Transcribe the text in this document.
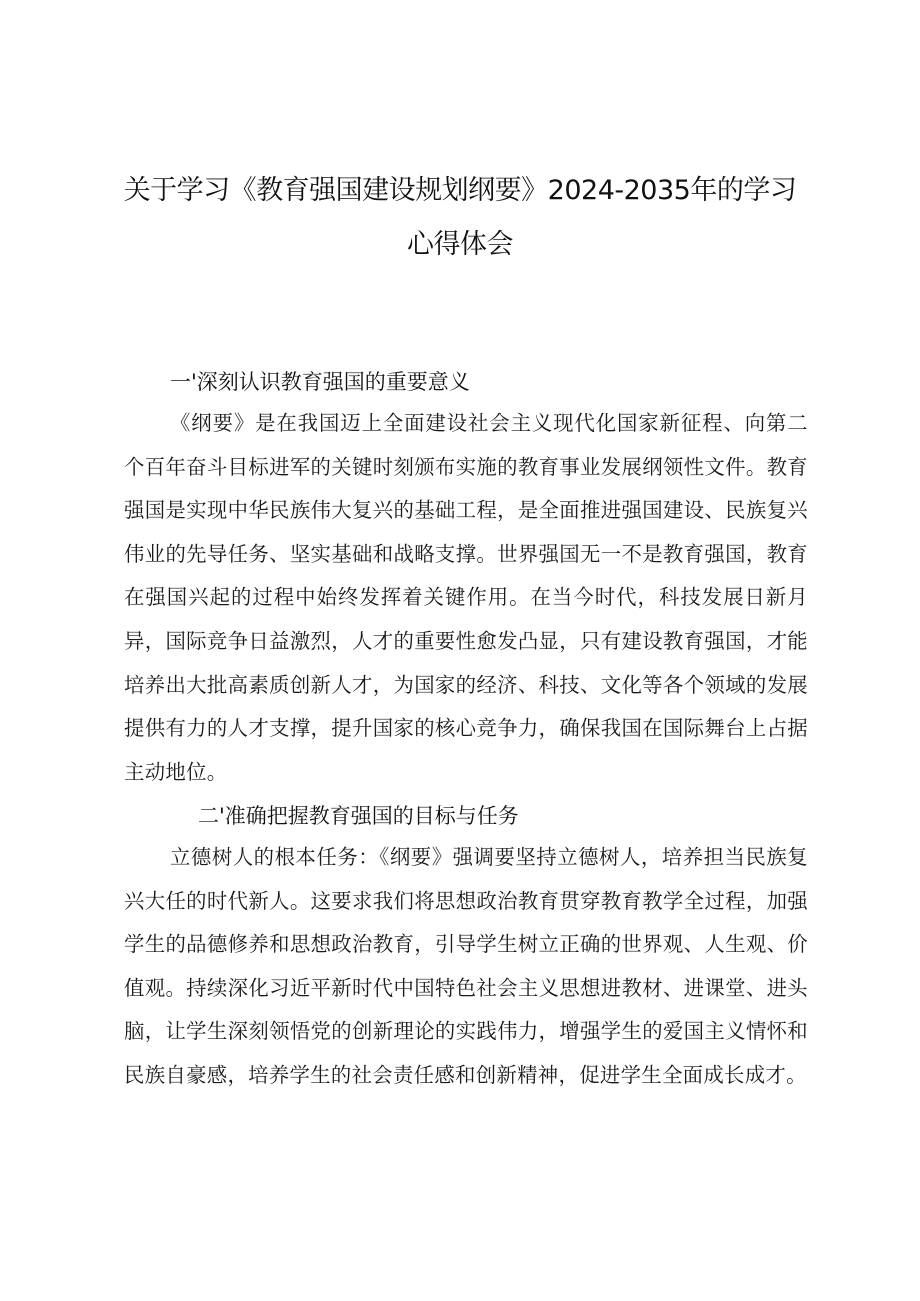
关于学习《教育强国建设规划纲要》2024-2035年的学习
心得体会
一'深刻认识教育强国的重要意义

《纲要》是在我国迈上全面建设社会主义现代化国家新征程、向第二个百年奋斗目标进军的关键时刻颁布实施的教育事业发展纲领性文件。教育强国是实现中华民族伟大复兴的基础工程，是全面推进强国建设、民族复兴伟业的先导任务、坚实基础和战略支撑。世界强国无一不是教育强国，教育在强国兴起的过程中始终发挥着关键作用。在当今时代，科技发展日新月异，国际竞争日益激烈，人才的重要性愈发凸显，只有建设教育强国，才能培养出大批高素质创新人才，为国家的经济、科技、文化等各个领域的发展提供有力的人才支撑，提升国家的核心竞争力，确保我国在国际舞台上占据主动地位。

二'准确把握教育强国的目标与任务

立德树人的根本任务：《纲要》强调要坚持立德树人，培养担当民族复兴大任的时代新人。这要求我们将思想政治教育贯穿教育教学全过程，加强学生的品德修养和思想政治教育，引导学生树立正确的世界观、人生观、价值观。持续深化习近平新时代中国特色社会主义思想进教材、进课堂、进头脑，让学生深刻领悟党的创新理论的实践伟力，增强学生的爱国主义情怀和民族自豪感，培养学生的社会责任感和创新精神，促进学生全面成长成才。
